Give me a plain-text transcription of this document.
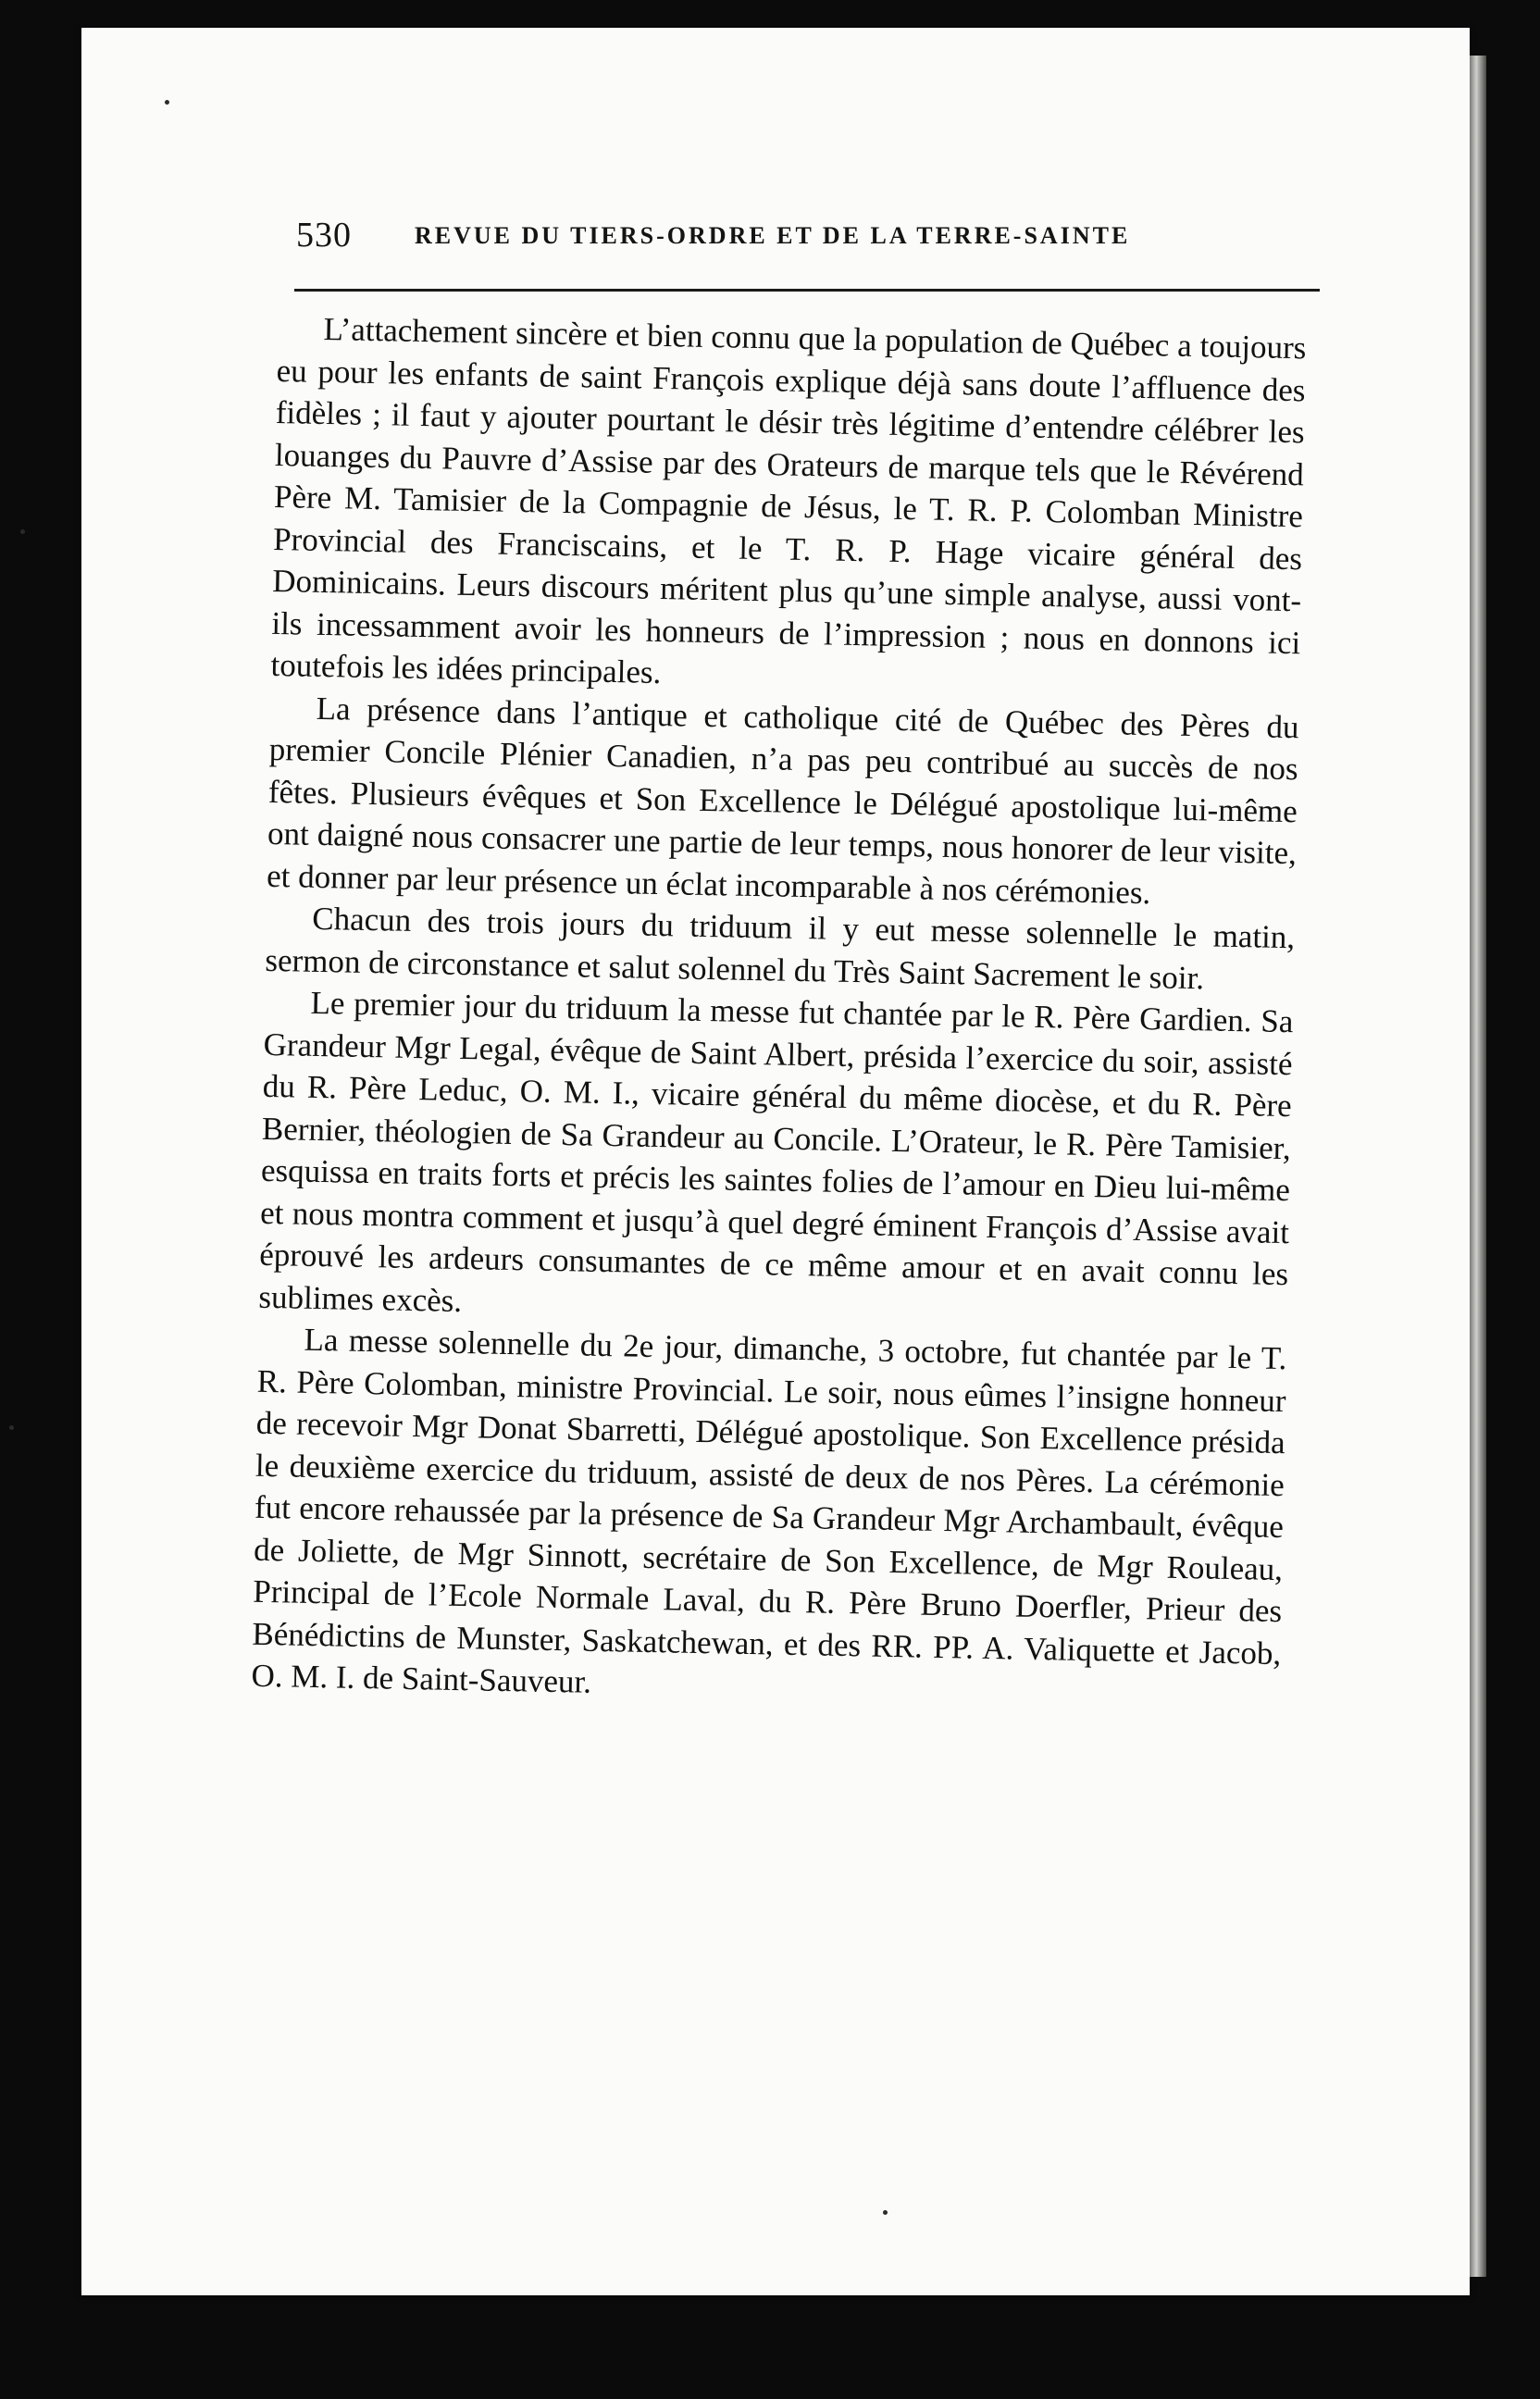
530	REVUE DU TIERS-ORDRE ET DE LA TERRE-SAINTE

L’attachement sincère et bien connu que la population de Québec a toujours eu pour les enfants de saint François explique déjà sans doute l’affluence des fidèles ; il faut y ajouter pourtant le désir très légitime d’entendre célébrer les louanges du Pauvre d’Assise par des Orateurs de marque tels que le Révérend Père M. Tamisier de la Compagnie de Jésus, le T. R. P. Colomban Ministre Provincial des Franciscains, et le T. R. P. Hage vicaire général des Dominicains. Leurs discours méritent plus qu’une simple analyse, aussi vont-ils incessamment avoir les honneurs de l’impression ; nous en donnons ici toutefois les idées principales.

La présence dans l’antique et catholique cité de Québec des Pères du premier Concile Plénier Canadien, n’a pas peu contribué au succès de nos fêtes. Plusieurs évêques et Son Excellence le Délégué apostolique lui-même ont daigné nous consacrer une partie de leur temps, nous honorer de leur visite, et donner par leur présence un éclat incomparable à nos cérémonies.

Chacun des trois jours du triduum il y eut messe solennelle le matin, sermon de circonstance et salut solennel du Très Saint Sacrement le soir.

Le premier jour du triduum la messe fut chantée par le R. Père Gardien. Sa Grandeur Mgr Legal, évêque de Saint Albert, présida l’exercice du soir, assisté du R. Père Leduc, O. M. I., vicaire général du même diocèse, et du R. Père Bernier, théologien de Sa Grandeur au Concile. L’Orateur, le R. Père Tamisier, esquissa en traits forts et précis les saintes folies de l’amour en Dieu lui-même et nous montra comment et jusqu’à quel degré éminent François d’Assise avait éprouvé les ardeurs consumantes de ce même amour et en avait connu les sublimes excès.

La messe solennelle du 2e jour, dimanche, 3 octobre, fut chantée par le T. R. Père Colomban, ministre Provincial. Le soir, nous eûmes l’insigne honneur de recevoir Mgr Donat Sbarretti, Délégué apostolique. Son Excellence présida le deuxième exercice du triduum, assisté de deux de nos Pères. La cérémonie fut encore rehaussée par la présence de Sa Grandeur Mgr Archambault, évêque de Joliette, de Mgr Sinnott, secrétaire de Son Excellence, de Mgr Rouleau, Principal de l’Ecole Normale Laval, du R. Père Bruno Doerfler, Prieur des Bénédictins de Munster, Saskatchewan, et des RR. PP. A. Valiquette et Jacob, O. M. I. de Saint-Sauveur.
